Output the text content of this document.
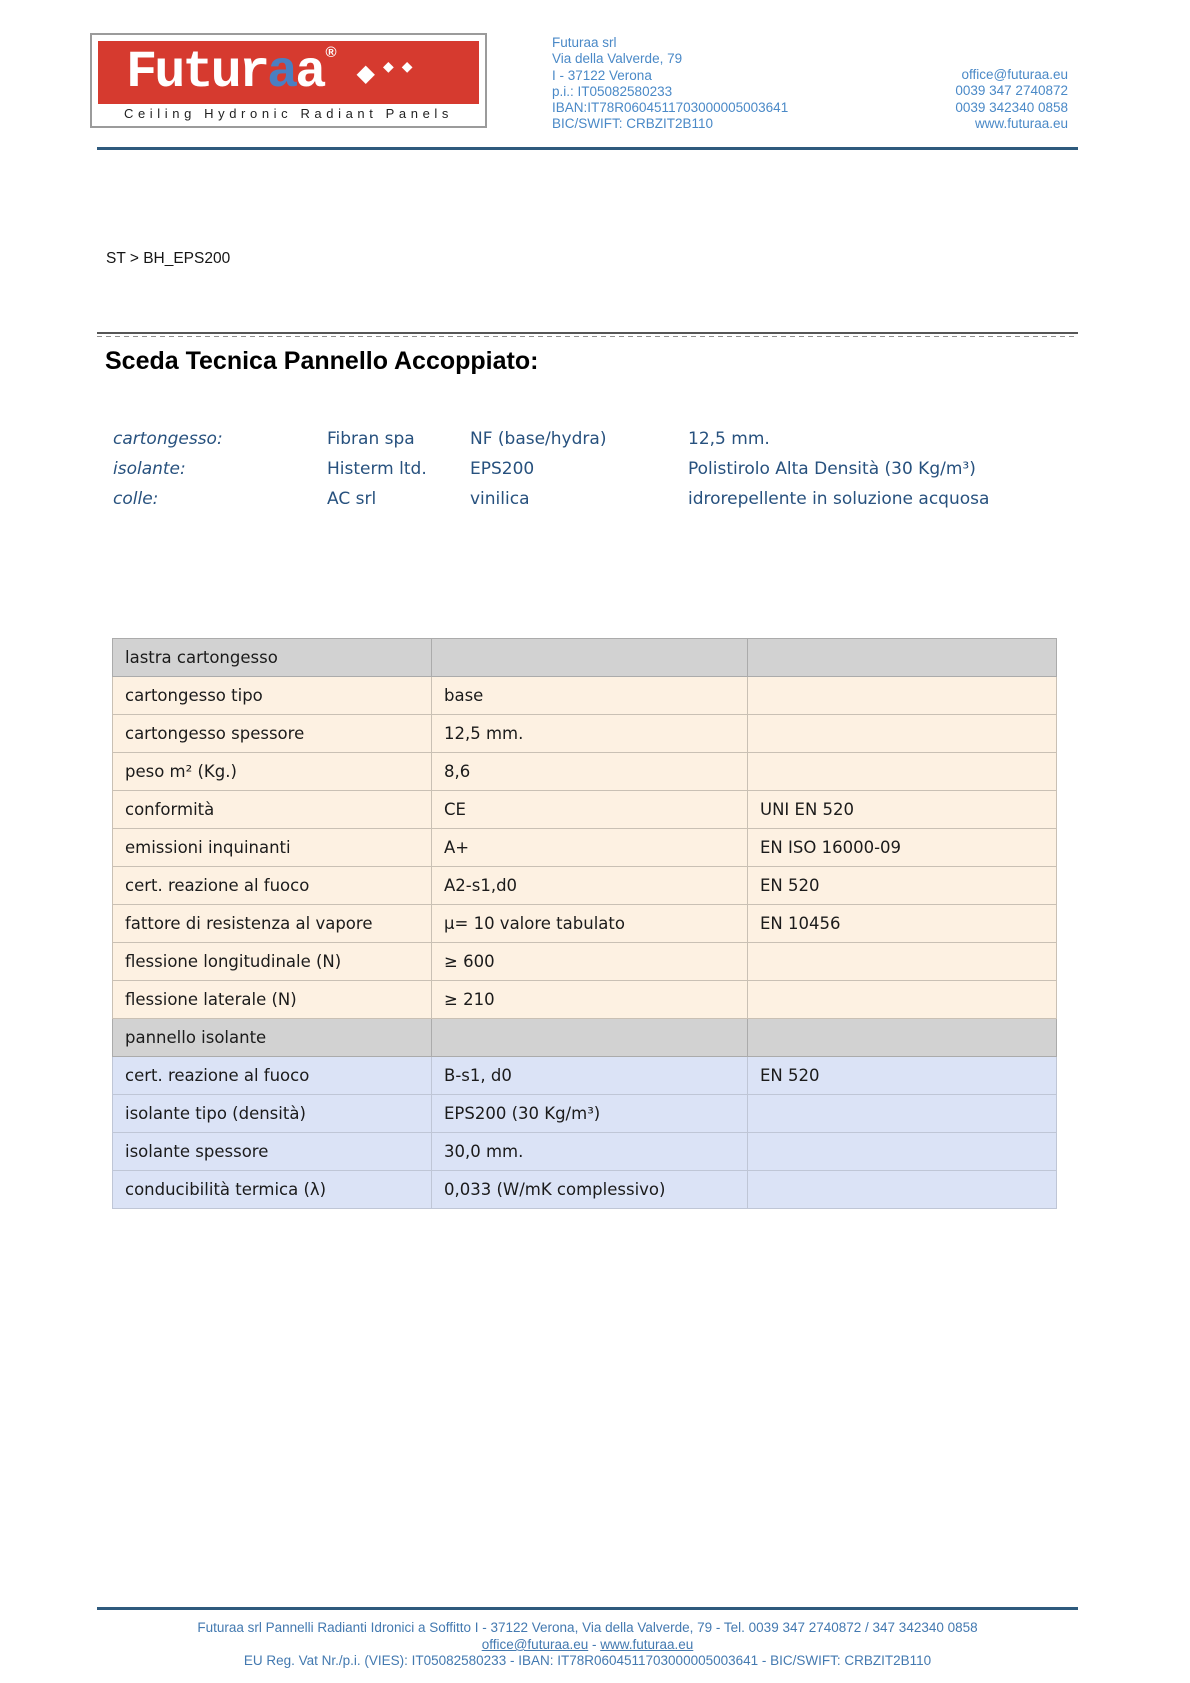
Futuraa ®
◆ ◆ ◆
Ceiling Hydronic Radiant Panels
Futuraa srl
Via della Valverde, 79
I - 37122 Verona
p.i.: IT05082580233
IBAN:IT78R0604511703000005003641
BIC/SWIFT: CRBZIT2B110
office@futuraa.eu
0039 347 2740872
0039 342340 0858
www.futuraa.eu
ST > BH_EPS200
Sceda Tecnica Pannello Accoppiato:
cartongesso:	Fibran spa	NF (base/hydra)	12,5 mm.
isolante:	Histerm ltd.	EPS200	Polistirolo Alta Densità (30 Kg/m³)
colle:	AC srl	vinilica	idrorepellente in soluzione acquosa
lastra cartongesso		
cartongesso tipo	base	
cartongesso spessore	12,5 mm.	
peso m² (Kg.)	8,6	
conformità	CE	UNI EN 520
emissioni inquinanti	A+	EN ISO 16000-09
cert. reazione al fuoco	A2-s1,d0	EN 520
fattore di resistenza al vapore	µ= 10 valore tabulato	EN 10456
flessione longitudinale (N)	≥ 600	
flessione laterale (N)	≥ 210	
pannello isolante		
cert. reazione al fuoco	B-s1, d0	EN 520
isolante tipo (densità)	EPS200 (30 Kg/m³)	
isolante spessore	30,0 mm.	
conducibilità termica (λ)	0,033 (W/mK complessivo)	
Futuraa srl Pannelli Radianti Idronici a Soffitto I - 37122 Verona, Via della Valverde, 79 - Tel. 0039 347 2740872 / 347 342340 0858
office@futuraa.eu - www.futuraa.eu
EU Reg. Vat Nr./p.i. (VIES): IT05082580233 - IBAN: IT78R0604511703000005003641 - BIC/SWIFT: CRBZIT2B110
